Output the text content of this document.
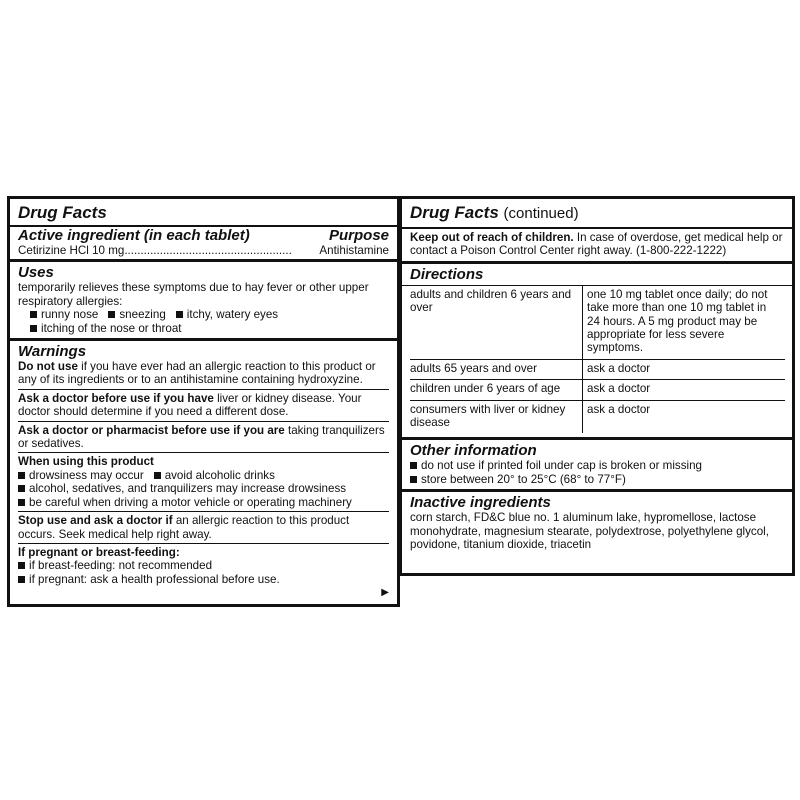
Drug Facts
Active ingredient (in each tablet)	Purpose
Cetirizine HCl 10 mg.................................................... Antihistamine
Uses
temporarily relieves these symptoms due to hay fever or other upper respiratory allergies:
runny nose sneezing itchy, watery eyes
itching of the nose or throat
Warnings
Do not use if you have ever had an allergic reaction to this product or any of its ingredients or to an antihistamine containing hydroxyzine.
Ask a doctor before use if you have liver or kidney disease. Your doctor should determine if you need a different dose.
Ask a doctor or pharmacist before use if you are taking tranquilizers or sedatives.
When using this product
drowsiness may occur avoid alcoholic drinks
alcohol, sedatives, and tranquilizers may increase drowsiness
be careful when driving a motor vehicle or operating machinery
Stop use and ask a doctor if an allergic reaction to this product occurs. Seek medical help right away.
If pregnant or breast-feeding:
if breast-feeding: not recommended
if pregnant: ask a health professional before use.
▶
Drug Facts (continued)
Keep out of reach of children. In case of overdose, get medical help or contact a Poison Control Center right away. (1-800-222-1222)
Directions
adults and children 6 years and over	one 10 mg tablet once daily; do not take more than one 10 mg tablet in 24 hours. A 5 mg product may be appropriate for less severe symptoms.
adults 65 years and over	ask a doctor
children under 6 years of age	ask a doctor
consumers with liver or kidney disease	ask a doctor
Other information
do not use if printed foil under cap is broken or missing
store between 20° to 25°C (68° to 77°F)
Inactive ingredients
corn starch, FD&C blue no. 1 aluminum lake, hypromellose, lactose monohydrate, magnesium stearate, polydextrose, polyethylene glycol, povidone, titanium dioxide, triacetin
